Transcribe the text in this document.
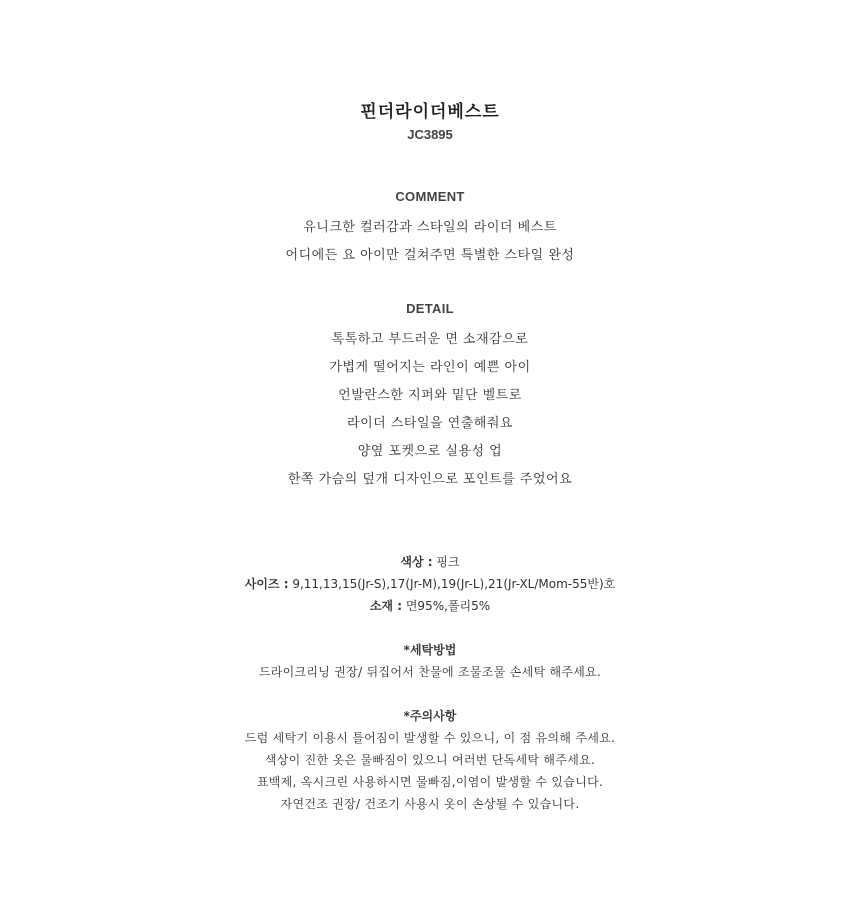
핀더라이더베스트
JC3895
COMMENT
유니크한 컬러감과 스타일의 라이더 베스트
어디에든 요 아이만 걸쳐주면 특별한 스타일 완성
DETAIL
톡톡하고 부드러운 면 소재감으로
가볍게 떨어지는 라인이 예쁜 아이
언발란스한 지퍼와 밑단 벨트로
라이더 스타일을 연출해줘요
양옆 포켓으로 실용성 업
한쪽 가슴의 덮개 디자인으로 포인트를 주었어요
색상 : 핑크
사이즈 : 9,11,13,15(Jr-S),17(Jr-M),19(Jr-L),21(Jr-XL/Mom-55반)호
소재 : 면95%,폴리5%
*세탁방법
드라이크리닝 권장/ 뒤집어서 찬물에 조물조물 손세탁 해주세요.
*주의사항
드럼 세탁기 이용시 틀어짐이 발생할 수 있으니, 이 점 유의해 주세요.
색상이 진한 옷은 물빠짐이 있으니 여러번 단독세탁 해주세요.
표백제, 옥시크린 사용하시면 물빠짐,이염이 발생할 수 있습니다.
자연건조 권장/ 건조기 사용시 옷이 손상될 수 있습니다.
